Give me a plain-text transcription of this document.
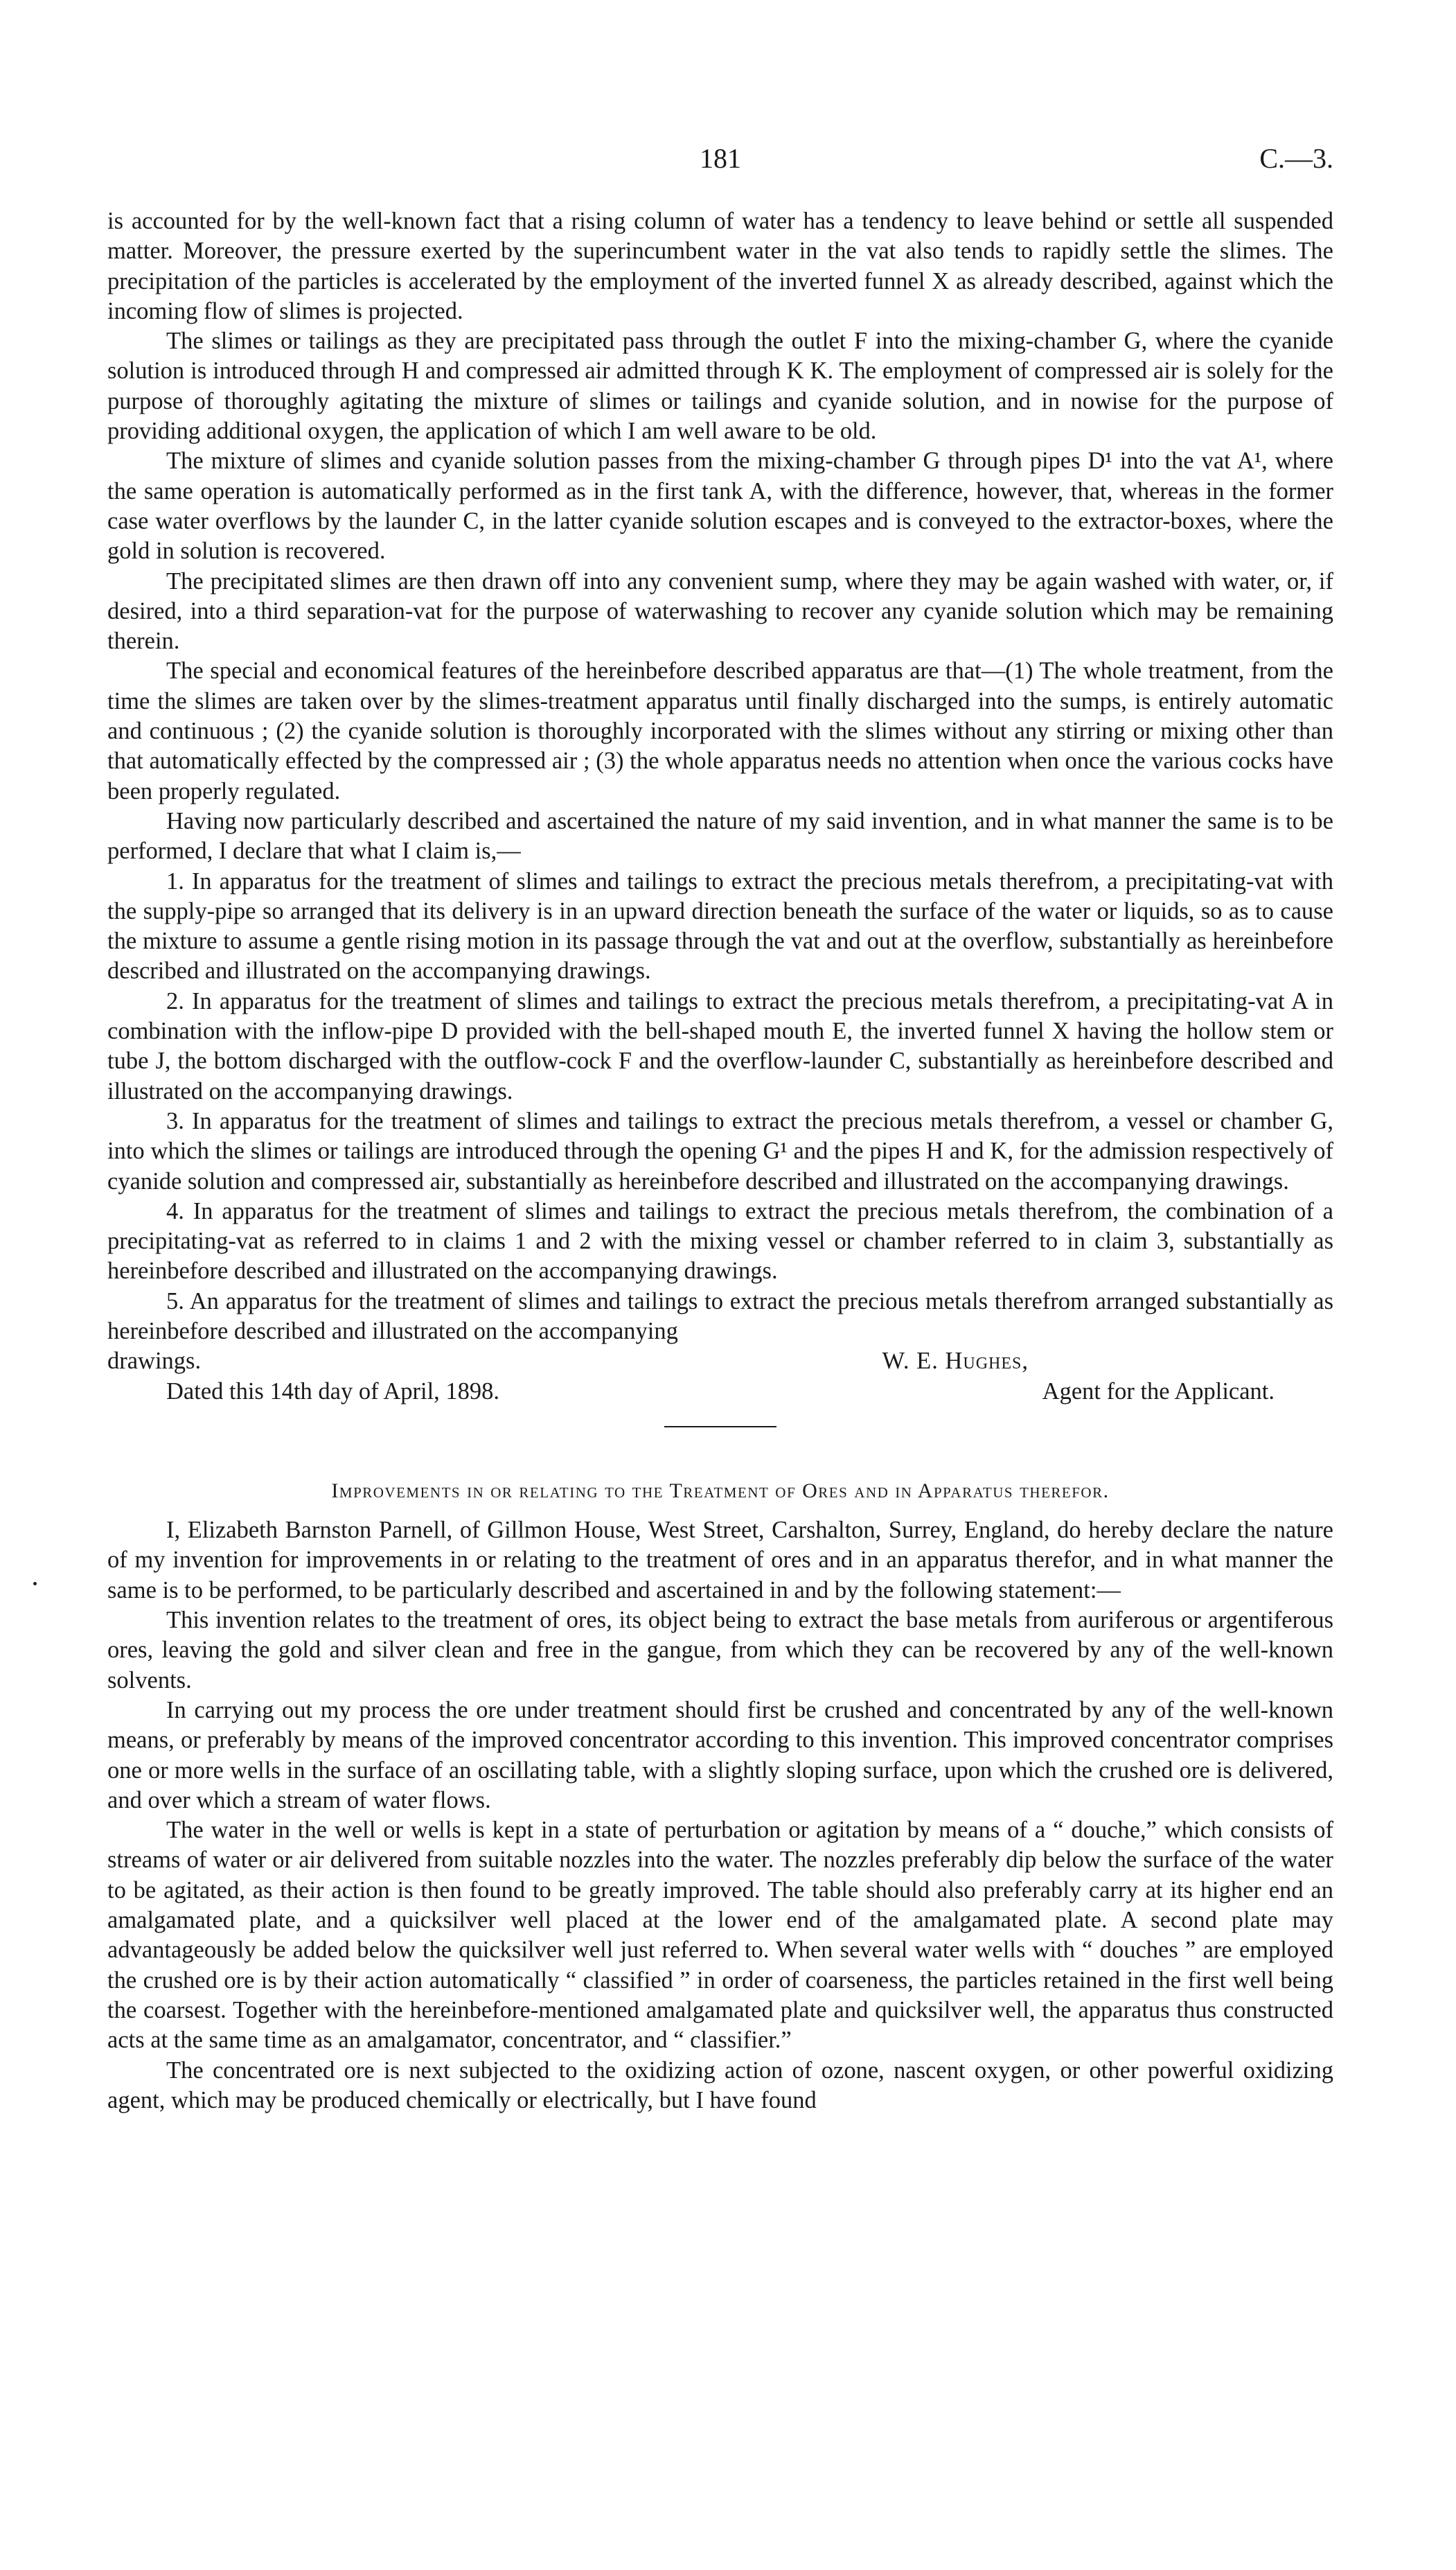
181	C.—3.

is accounted for by the well-known fact that a rising column of water has a tendency to leave behind or settle all suspended matter. Moreover, the pressure exerted by the superincumbent water in the vat also tends to rapidly settle the slimes. The precipitation of the particles is accelerated by the employment of the inverted funnel X as already described, against which the incoming flow of slimes is projected.

The slimes or tailings as they are precipitated pass through the outlet F into the mixing-chamber G, where the cyanide solution is introduced through H and compressed air admitted through K K. The employment of compressed air is solely for the purpose of thoroughly agitating the mixture of slimes or tailings and cyanide solution, and in nowise for the purpose of providing additional oxygen, the application of which I am well aware to be old.

The mixture of slimes and cyanide solution passes from the mixing-chamber G through pipes D¹ into the vat A¹, where the same operation is automatically performed as in the first tank A, with the difference, however, that, whereas in the former case water overflows by the launder C, in the latter cyanide solution escapes and is conveyed to the extractor-boxes, where the gold in solution is recovered.

The precipitated slimes are then drawn off into any convenient sump, where they may be again washed with water, or, if desired, into a third separation-vat for the purpose of waterwashing to recover any cyanide solution which may be remaining therein.

The special and economical features of the hereinbefore described apparatus are that—(1) The whole treatment, from the time the slimes are taken over by the slimes-treatment apparatus until finally discharged into the sumps, is entirely automatic and continuous ; (2) the cyanide solution is thoroughly incorporated with the slimes without any stirring or mixing other than that automatically effected by the compressed air ; (3) the whole apparatus needs no attention when once the various cocks have been properly regulated.

Having now particularly described and ascertained the nature of my said invention, and in what manner the same is to be performed, I declare that what I claim is,—

1. In apparatus for the treatment of slimes and tailings to extract the precious metals therefrom, a precipitating-vat with the supply-pipe so arranged that its delivery is in an upward direction beneath the surface of the water or liquids, so as to cause the mixture to assume a gentle rising motion in its passage through the vat and out at the overflow, substantially as hereinbefore described and illustrated on the accompanying drawings.

2. In apparatus for the treatment of slimes and tailings to extract the precious metals therefrom, a precipitating-vat A in combination with the inflow-pipe D provided with the bell-shaped mouth E, the inverted funnel X having the hollow stem or tube J, the bottom discharged with the outflow-cock F and the overflow-launder C, substantially as hereinbefore described and illustrated on the accompanying drawings.

3. In apparatus for the treatment of slimes and tailings to extract the precious metals therefrom, a vessel or chamber G, into which the slimes or tailings are introduced through the opening G¹ and the pipes H and K, for the admission respectively of cyanide solution and compressed air, substantially as hereinbefore described and illustrated on the accompanying drawings.

4. In apparatus for the treatment of slimes and tailings to extract the precious metals therefrom, the combination of a precipitating-vat as referred to in claims 1 and 2 with the mixing vessel or chamber referred to in claim 3, substantially as hereinbefore described and illustrated on the accompanying drawings.

5. An apparatus for the treatment of slimes and tailings to extract the precious metals therefrom arranged substantially as hereinbefore described and illustrated on the accompanying

drawings.	W. E. Hughes,
Dated this 14th day of April, 1898.	Agent for the Applicant.
Improvements in or relating to the Treatment of Ores and in Apparatus therefor.

I, Elizabeth Barnston Parnell, of Gillmon House, West Street, Carshalton, Surrey, England, do hereby declare the nature of my invention for improvements in or relating to the treatment of ores and in an apparatus therefor, and in what manner the same is to be performed, to be particularly described and ascertained in and by the following statement:—

This invention relates to the treatment of ores, its object being to extract the base metals from auriferous or argentiferous ores, leaving the gold and silver clean and free in the gangue, from which they can be recovered by any of the well-known solvents.

In carrying out my process the ore under treatment should first be crushed and concentrated by any of the well-known means, or preferably by means of the improved concentrator according to this invention. This improved concentrator comprises one or more wells in the surface of an oscillating table, with a slightly sloping surface, upon which the crushed ore is delivered, and over which a stream of water flows.

The water in the well or wells is kept in a state of perturbation or agitation by means of a “ douche,” which consists of streams of water or air delivered from suitable nozzles into the water. The nozzles preferably dip below the surface of the water to be agitated, as their action is then found to be greatly improved. The table should also preferably carry at its higher end an amalgamated plate, and a quicksilver well placed at the lower end of the amalgamated plate. A second plate may advantageously be added below the quicksilver well just referred to. When several water wells with “ douches ” are employed the crushed ore is by their action automatically “ classified ” in order of coarseness, the particles retained in the first well being the coarsest. Together with the hereinbefore-mentioned amalgamated plate and quicksilver well, the apparatus thus constructed acts at the same time as an amalgamator, concentrator, and “ classifier.”

The concentrated ore is next subjected to the oxidizing action of ozone, nascent oxygen, or other powerful oxidizing agent, which may be produced chemically or electrically, but I have found
